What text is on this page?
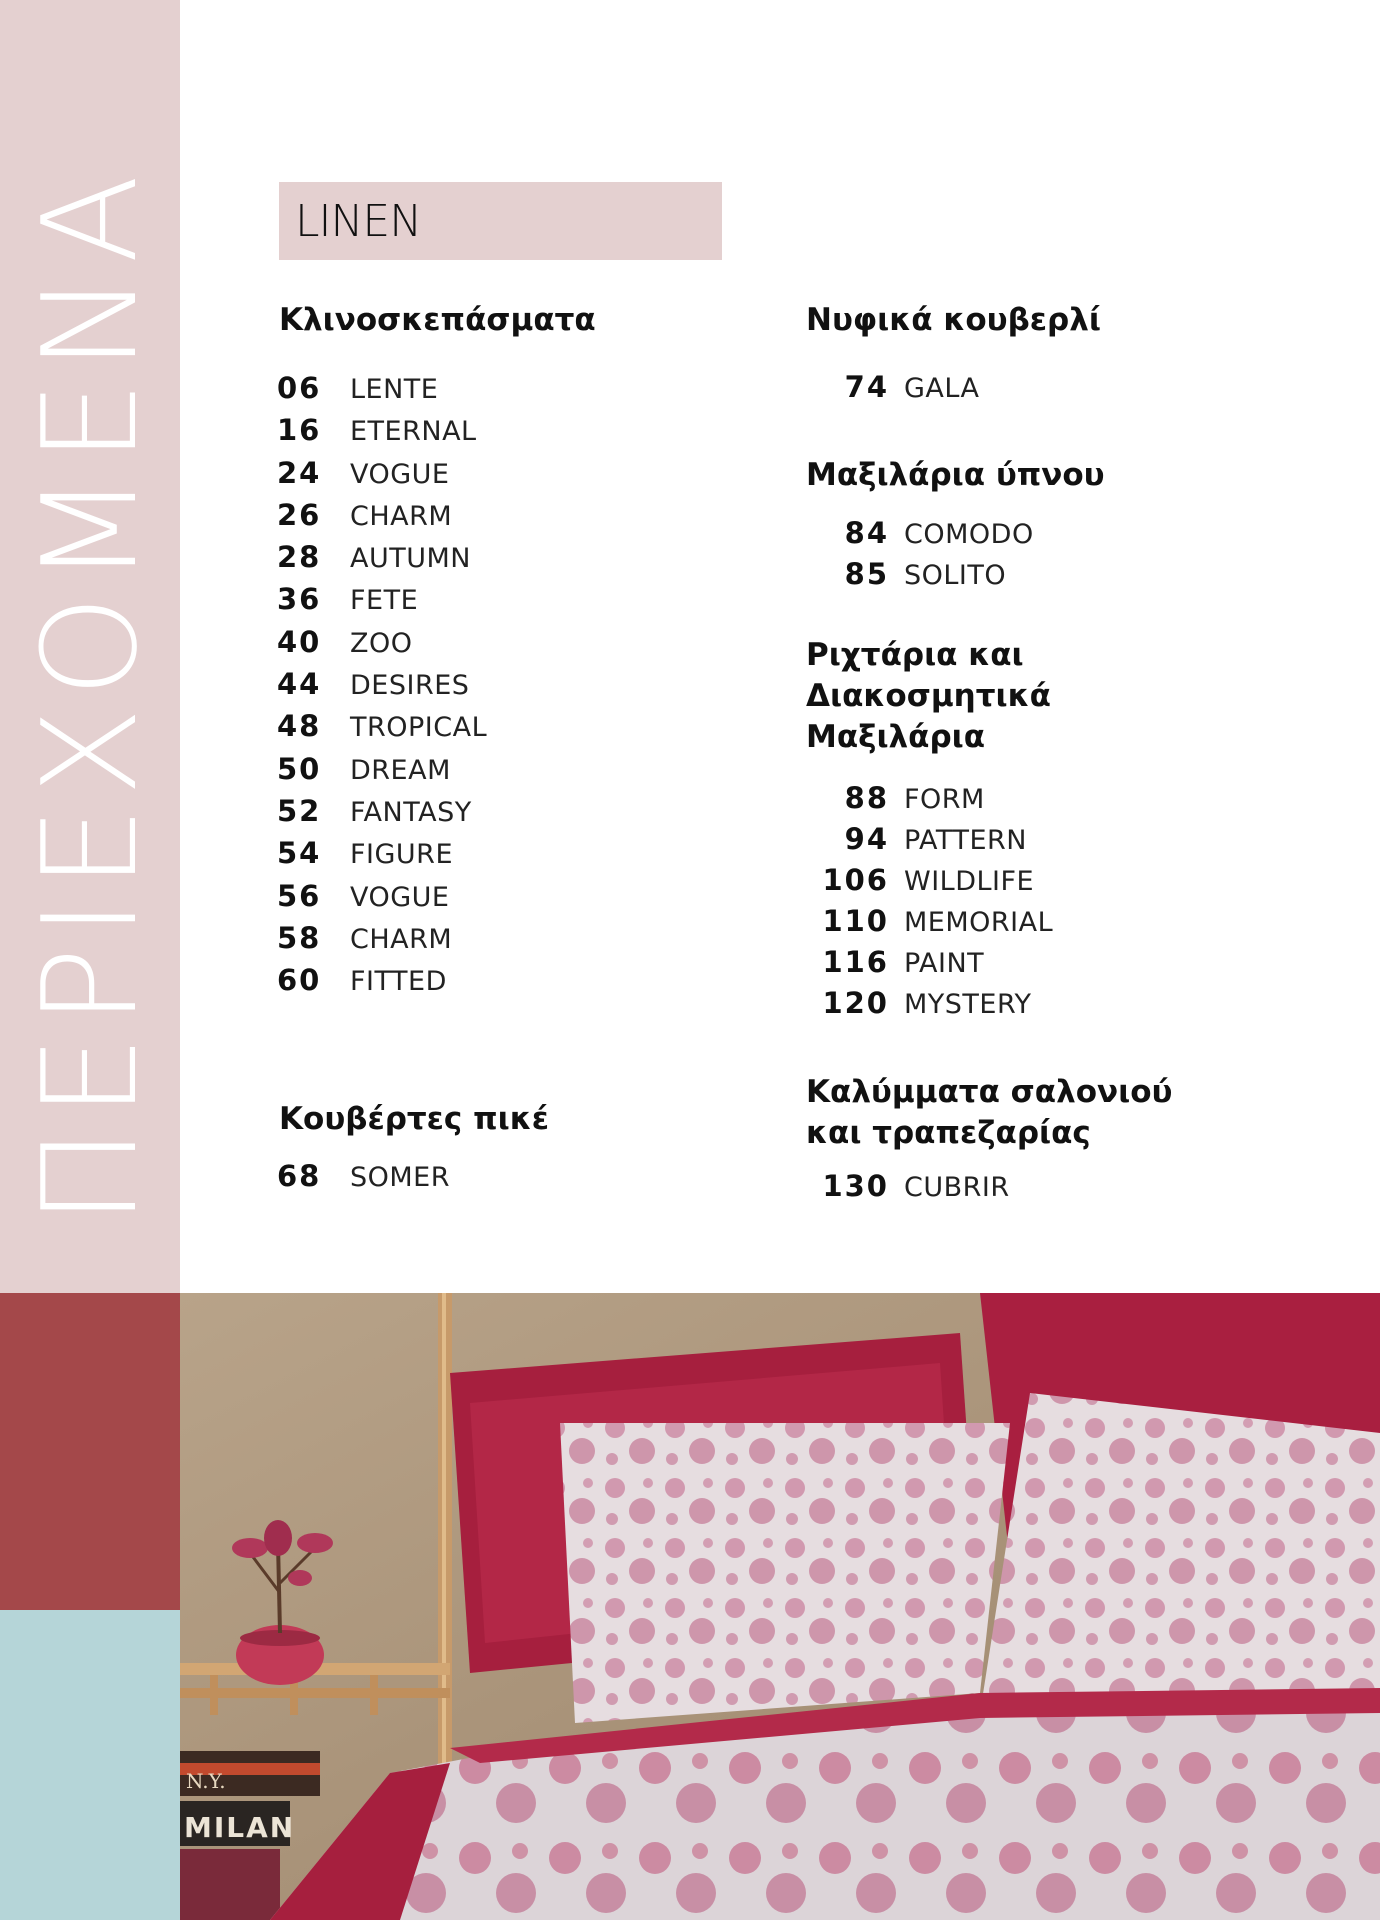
ΠΕΡΙΕΧΟΜΕΝΑ	LINEN
Κλινοσκεπάσματα
06 LENTE
16 ETERNAL
24 VOGUE
26 CHARM
28 AUTUMN
36 FETE
40 ZOO
44 DESIRES
48 TROPICAL
50 DREAM
52 FANTASY
54 FIGURE
56 VOGUE
58 CHARM
60 FITTED
Κουβέρτες πικέ
68 SOMER
Νυφικά κουβερλί
74 GALA
Μαξιλάρια ύπνου
84 COMODO
85 SOLITO
Ριχτάρια και
Διακοσμητικά
Μαξιλάρια
88 FORM
94 PATTERN
106 WILDLIFE
110 MEMORIAL
116 PAINT
120 MYSTERY
Καλύμματα σαλονιού
και τραπεζαρίας
130 CUBRIR
N.Y.
MILAN
